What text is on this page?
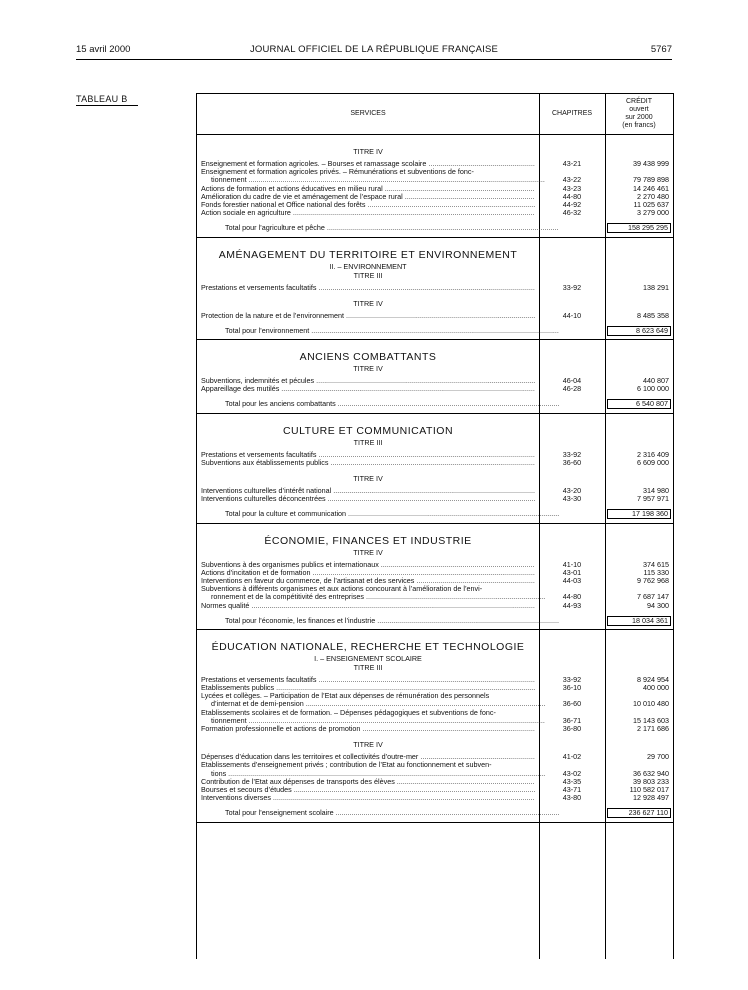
15 avril 2000	JOURNAL OFFICIEL DE LA RÉPUBLIQUE FRANÇAISE	5767
TABLEAU B
SERVICES	CHAPITRES
CRÉDIT
ouvert
sur 2000
(en francs)
TITRE IV
Enseignement et formation agricoles. – Bourses et ramassage scolaire .....	43-21	39 438 999
Enseignement et formation agricoles privés. – Rémunérations et subventions de fonc-
tionnement .....	43-22	79 789 898
Actions de formation et actions éducatives en milieu rural .....	43-23	14 246 461
Amélioration du cadre de vie et aménagement de l’espace rural .....	44-80	2 270 480
Fonds forestier national et Office national des forêts .....	44-92	11 025 637
Action sociale en agriculture .....	46-32	3 279 000
Total pour l’agriculture et pêche .....	158 295 295
AMÉNAGEMENT DU TERRITOIRE ET ENVIRONNEMENT
II. – ENVIRONNEMENT
TITRE III
Prestations et versements facultatifs .....	33-92	138 291
TITRE IV
Protection de la nature et de l’environnement .....	44-10	8 485 358
Total pour l’environnement .....	8 623 649
ANCIENS COMBATTANTS
TITRE IV
Subventions, indemnités et pécules .....	46-04	440 807
Appareillage des mutilés .....	46-28	6 100 000
Total pour les anciens combattants .....	6 540 807
CULTURE ET COMMUNICATION
TITRE III
Prestations et versements facultatifs .....	33-92	2 316 409
Subventions aux établissements publics .....	36-60	6 609 000
TITRE IV
Interventions culturelles d’intérêt national .....	43-20	314 980
Interventions culturelles déconcentrées .....	43-30	7 957 971
Total pour la culture et communication .....	17 198 360
ÉCONOMIE, FINANCES ET INDUSTRIE
TITRE IV
Subventions à des organismes publics et internationaux .....	41-10	374 615
Actions d’incitation et de formation .....	43-01	115 330
Interventions en faveur du commerce, de l’artisanat et des services .....	44-03	9 762 968
Subventions à différents organismes et aux actions concourant à l’amélioration de l’envi-
ronnement et de la compétitivité des entreprises .....	44-80	7 687 147
Normes qualité .....	44-93	94 300
Total pour l’économie, les finances et l’industrie .....	18 034 361
ÉDUCATION NATIONALE, RECHERCHE ET TECHNOLOGIE
I. – ENSEIGNEMENT SCOLAIRE
TITRE III
Prestations et versements facultatifs .....	33-92	8 924 954
Etablissements publics .....	36-10	400 000
Lycées et collèges. – Participation de l’Etat aux dépenses de rémunération des personnels
d’internat et de demi-pension .....	36-60	10 010 480
Etablissements scolaires et de formation. – Dépenses pédagogiques et subventions de fonc-
tionnement .....	36-71	15 143 603
Formation professionnelle et actions de promotion .....	36-80	2 171 686
TITRE IV
Dépenses d’éducation dans les territoires et collectivités d’outre-mer .....	41-02	29 700
Etablissements d’enseignement privés ; contribution de l’Etat au fonctionnement et subven-
tions .....	43-02	36 632 940
Contribution de l’Etat aux dépenses de transports des élèves .....	43-35	39 803 233
Bourses et secours d’études .....	43-71	110 582 017
Interventions diverses .....	43-80	12 928 497
Total pour l’enseignement scolaire .....	236 627 110
